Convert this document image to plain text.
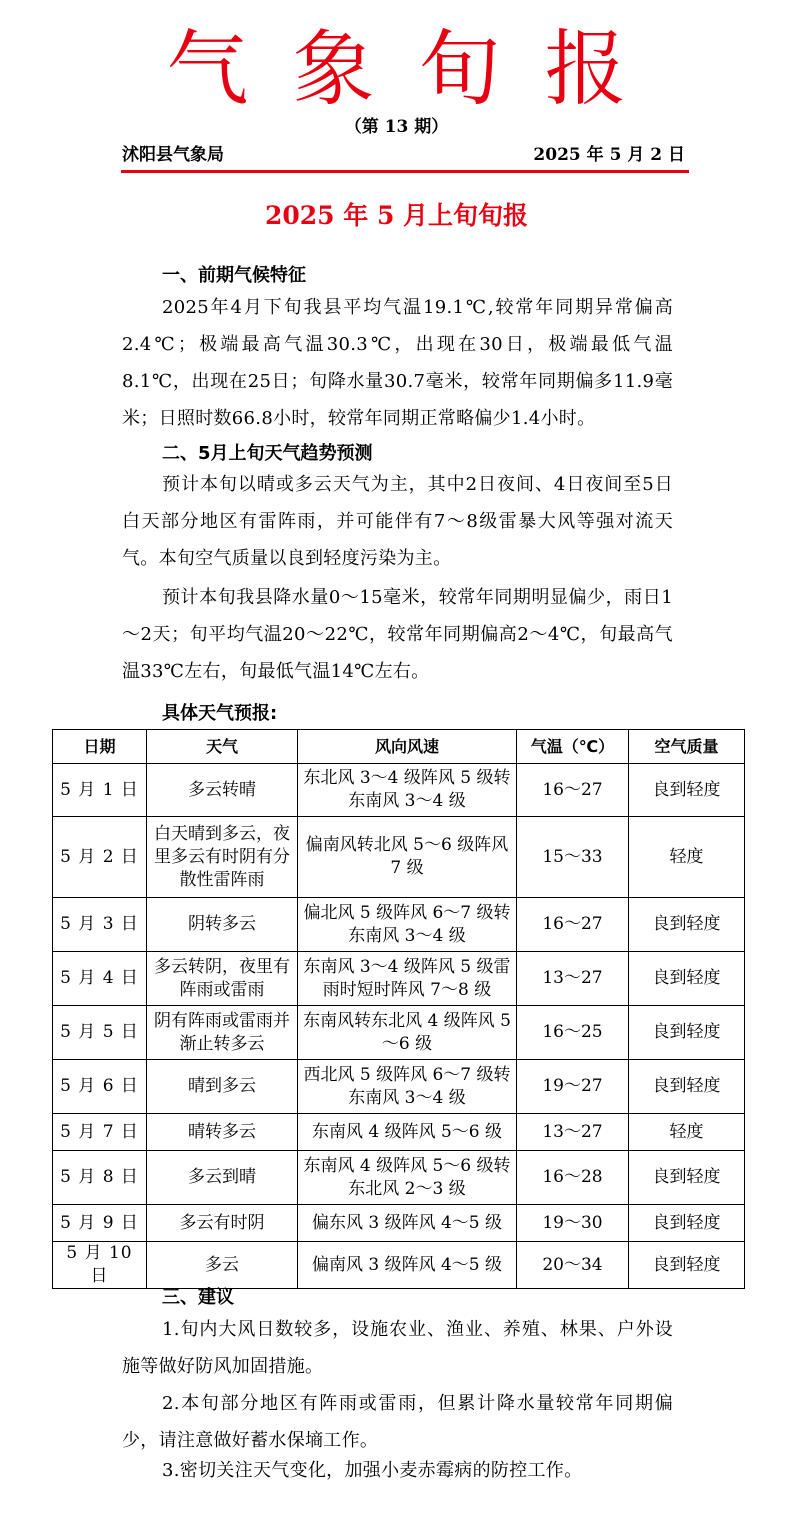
气象旬报
（第 13 期）
沭阳县气象局	2025 年 5 月 2 日
2025 年 5 月上旬旬报
一、前期气候特征
2025年4月下旬我县平均气温19.1℃,较常年同期异常偏高2.4℃；极端最高气温30.3℃，出现在30日，极端最低气温8.1℃，出现在25日；旬降水量30.7毫米，较常年同期偏多11.9毫米；日照时数66.8小时，较常年同期正常略偏少1.4小时。
二、5月上旬天气趋势预测
预计本旬以晴或多云天气为主，其中2日夜间、4日夜间至5日白天部分地区有雷阵雨，并可能伴有7～8级雷暴大风等强对流天气。本旬空气质量以良到轻度污染为主。
预计本旬我县降水量0～15毫米，较常年同期明显偏少，雨日1～2天；旬平均气温20～22℃，较常年同期偏高2～4℃，旬最高气温33℃左右，旬最低气温14℃左右。
具体天气预报:
日期	天气	风向风速	气温（℃）	空气质量
5 月 1 日	多云转晴	东北风 3～4 级阵风 5 级转东南风 3～4 级	16～27	良到轻度
5 月 2 日	白天晴到多云，夜里多云有时阴有分散性雷阵雨	偏南风转北风 5～6 级阵风 7 级	15～33	轻度
5 月 3 日	阴转多云	偏北风 5 级阵风 6～7 级转东南风 3～4 级	16～27	良到轻度
5 月 4 日	多云转阴，夜里有阵雨或雷雨	东南风 3～4 级阵风 5 级雷雨时短时阵风 7～8 级	13～27	良到轻度
5 月 5 日	阴有阵雨或雷雨并渐止转多云	东南风转东北风 4 级阵风 5～6 级	16～25	良到轻度
5 月 6 日	晴到多云	西北风 5 级阵风 6～7 级转东南风 3～4 级	19～27	良到轻度
5 月 7 日	晴转多云	东南风 4 级阵风 5～6 级	13～27	轻度
5 月 8 日	多云到晴	东南风 4 级阵风 5～6 级转东北风 2～3 级	16～28	良到轻度
5 月 9 日	多云有时阴	偏东风 3 级阵风 4～5 级	19～30	良到轻度
5 月 10 日	多云	偏南风 3 级阵风 4～5 级	20～34	良到轻度
三、建议
1.旬内大风日数较多，设施农业、渔业、养殖、林果、户外设施等做好防风加固措施。
2.本旬部分地区有阵雨或雷雨，但累计降水量较常年同期偏少，请注意做好蓄水保墒工作。
3.密切关注天气变化，加强小麦赤霉病的防控工作。
